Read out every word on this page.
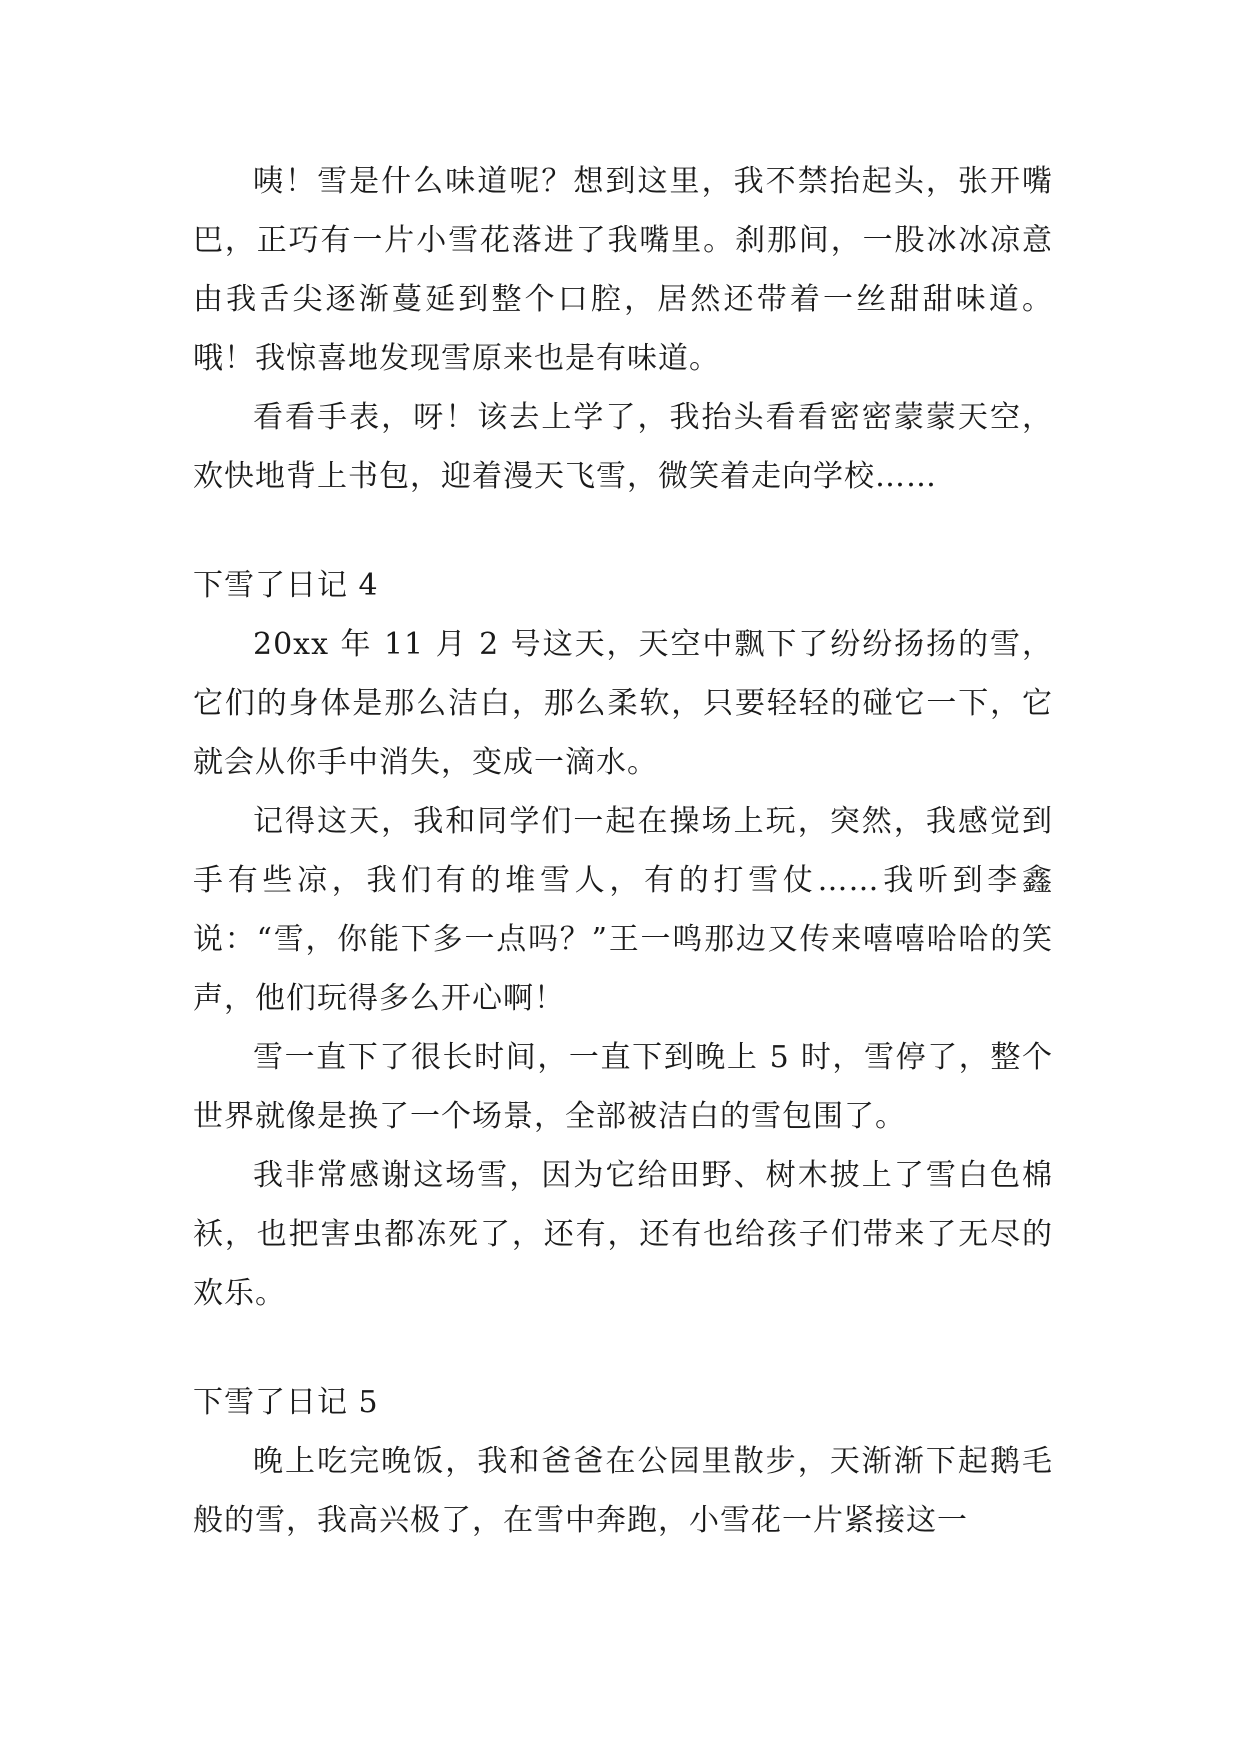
咦！雪是什么味道呢？想到这里，我不禁抬起头，张开嘴巴，正巧有一片小雪花落进了我嘴里。刹那间，一股冰冰凉意由我舌尖逐渐蔓延到整个口腔，居然还带着一丝甜甜味道。哦！我惊喜地发现雪原来也是有味道。

看看手表，呀！该去上学了，我抬头看看密密蒙蒙天空，欢快地背上书包，迎着漫天飞雪，微笑着走向学校……

下雪了日记 4

20xx 年 11 月 2 号这天，天空中飘下了纷纷扬扬的雪，它们的身体是那么洁白，那么柔软，只要轻轻的碰它一下，它就会从你手中消失，变成一滴水。

记得这天，我和同学们一起在操场上玩，突然，我感觉到手有些凉，我们有的堆雪人，有的打雪仗……我听到李鑫说：“雪，你能下多一点吗？”王一鸣那边又传来嘻嘻哈哈的笑声，他们玩得多么开心啊！

雪一直下了很长时间，一直下到晚上 5 时，雪停了，整个世界就像是换了一个场景，全部被洁白的雪包围了。

我非常感谢这场雪，因为它给田野、树木披上了雪白色棉袄，也把害虫都冻死了，还有，还有也给孩子们带来了无尽的欢乐。

下雪了日记 5

晚上吃完晚饭，我和爸爸在公园里散步，天渐渐下起鹅毛般的雪，我高兴极了，在雪中奔跑，小雪花一片紧接这一
